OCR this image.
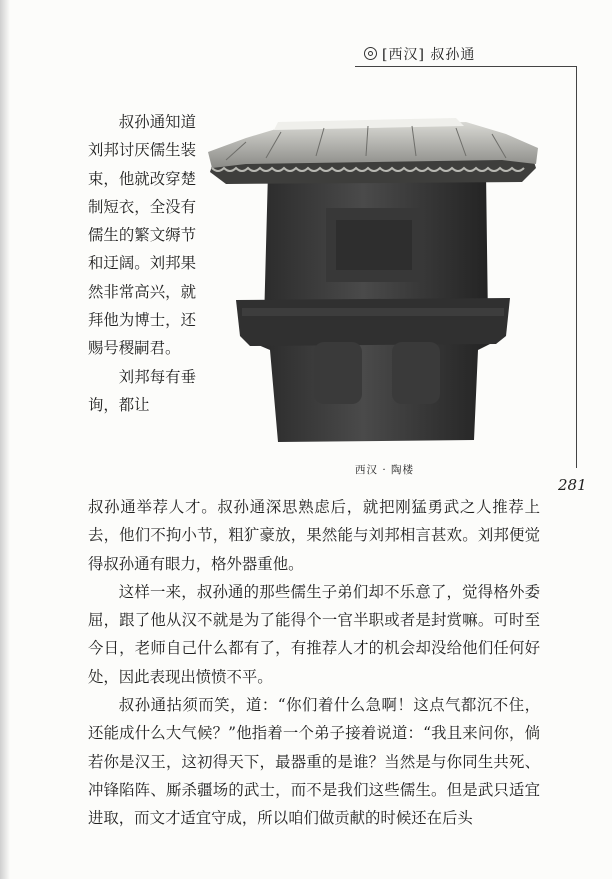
[西汉] 叔孙通
281

叔孙通知道刘邦讨厌儒生装束，他就改穿楚制短衣，全没有儒生的繁文缛节和迂阔。刘邦果然非常高兴，就拜他为博士，还赐号稷嗣君。

刘邦每有垂询，都让

西汉 · 陶楼

叔孙通举荐人才。叔孙通深思熟虑后，就把刚猛勇武之人推荐上去，他们不拘小节，粗犷豪放，果然能与刘邦相言甚欢。刘邦便觉得叔孙通有眼力，格外器重他。

这样一来，叔孙通的那些儒生子弟们却不乐意了，觉得格外委屈，跟了他从汉不就是为了能得个一官半职或者是封赏嘛。可时至今日，老师自己什么都有了，有推荐人才的机会却没给他们任何好处，因此表现出愤愤不平。

叔孙通拈须而笑，道：“你们着什么急啊！这点气都沉不住，还能成什么大气候？”他指着一个弟子接着说道：“我且来问你，倘若你是汉王，这初得天下，最器重的是谁？当然是与你同生共死、冲锋陷阵、厮杀疆场的武士，而不是我们这些儒生。但是武只适宜进取，而文才适宜守成，所以咱们做贡献的时候还在后头
